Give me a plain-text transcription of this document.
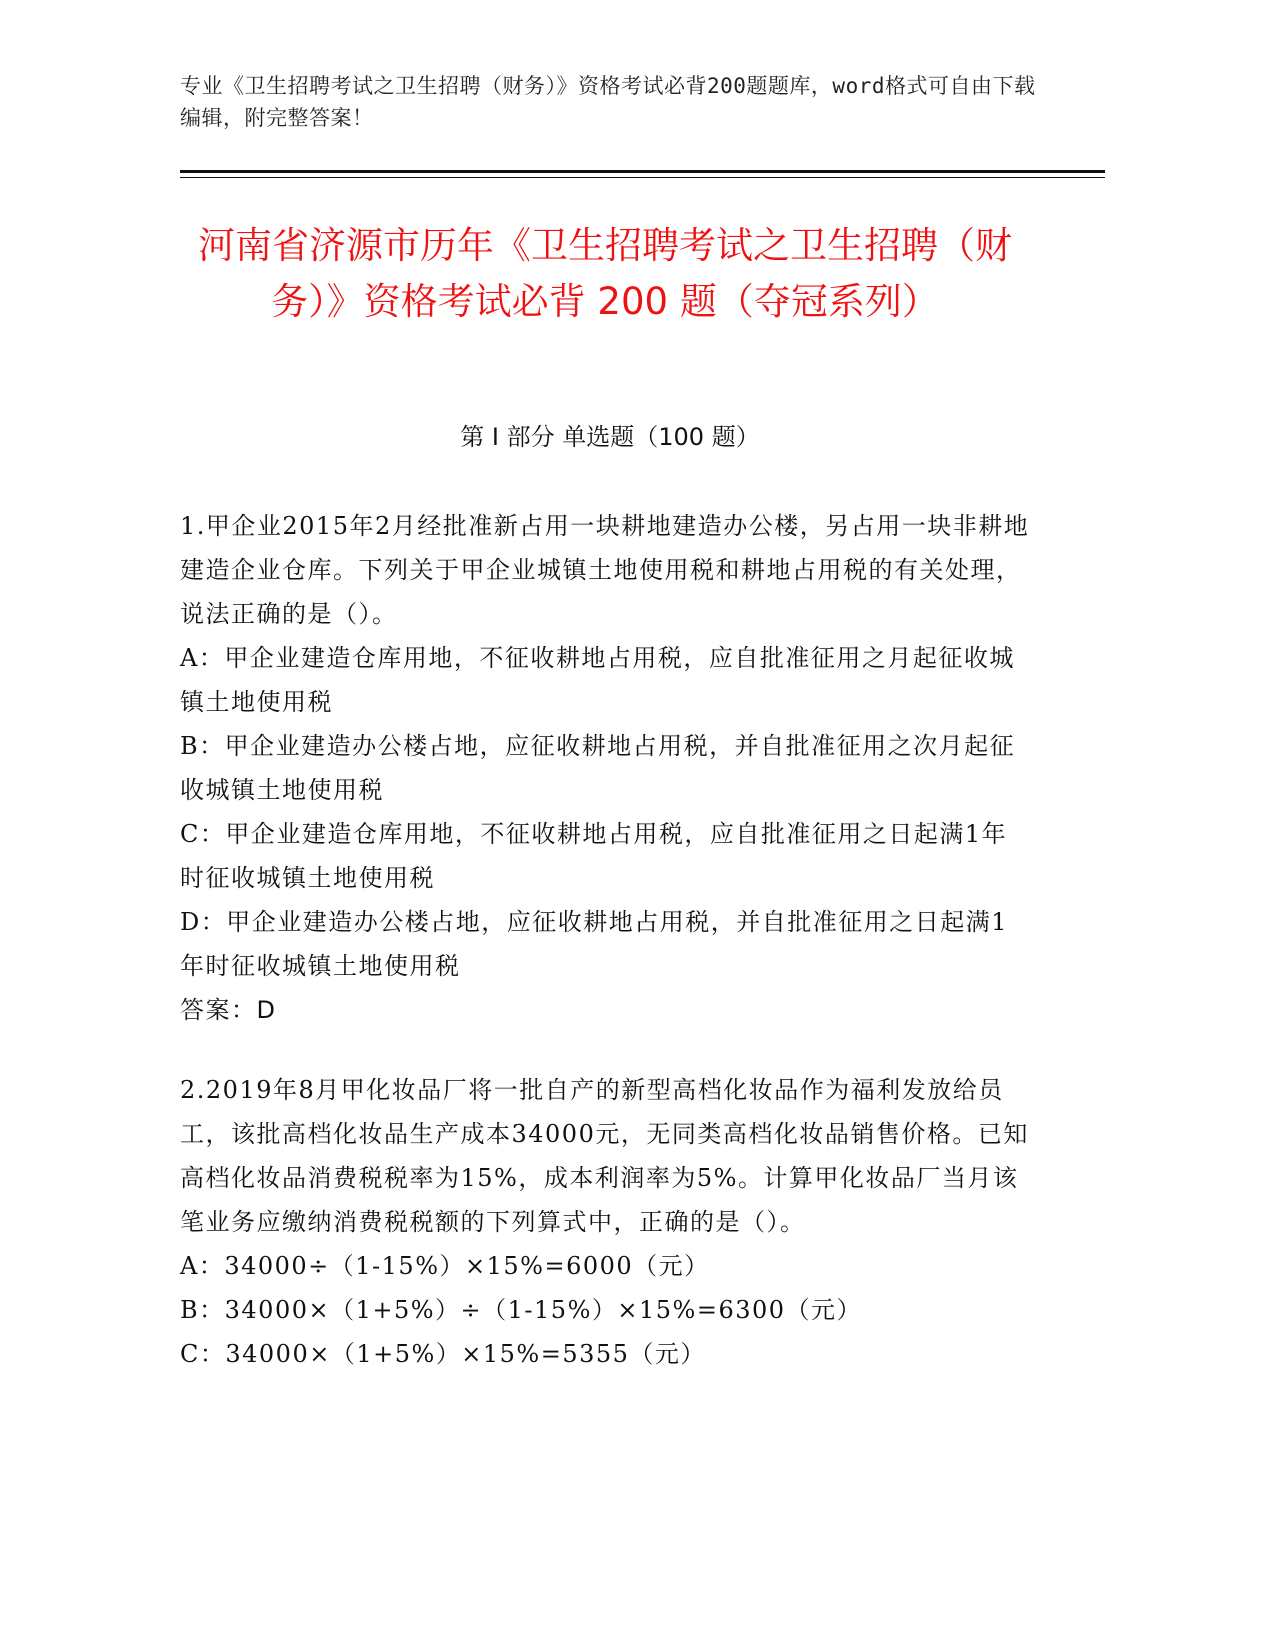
专业《卫生招聘考试之卫生招聘（财务）》资格考试必背200题题库，word格式可自由下载编辑，附完整答案！
河南省济源市历年《卫生招聘考试之卫生招聘（财务）》资格考试必背 200 题（夺冠系列）
第 I 部分 单选题（100 题）

1.甲企业2015年2月经批准新占用一块耕地建造办公楼，另占用一块非耕地建造企业仓库。下列关于甲企业城镇土地使用税和耕地占用税的有关处理，说法正确的是（）。

A：甲企业建造仓库用地，不征收耕地占用税，应自批准征用之月起征收城镇土地使用税

B：甲企业建造办公楼占地，应征收耕地占用税，并自批准征用之次月起征收城镇土地使用税

C：甲企业建造仓库用地，不征收耕地占用税，应自批准征用之日起满1年时征收城镇土地使用税

D：甲企业建造办公楼占地，应征收耕地占用税，并自批准征用之日起满1年时征收城镇土地使用税

答案：D

2.2019年8月甲化妆品厂将一批自产的新型高档化妆品作为福利发放给员工，该批高档化妆品生产成本34000元，无同类高档化妆品销售价格。已知高档化妆品消费税税率为15%，成本利润率为5%。计算甲化妆品厂当月该笔业务应缴纳消费税税额的下列算式中，正确的是（）。

A：34000÷（1-15%）×15%=6000（元）

B：34000×（1+5%）÷（1-15%）×15%=6300（元）

C：34000×（1+5%）×15%=5355（元）
